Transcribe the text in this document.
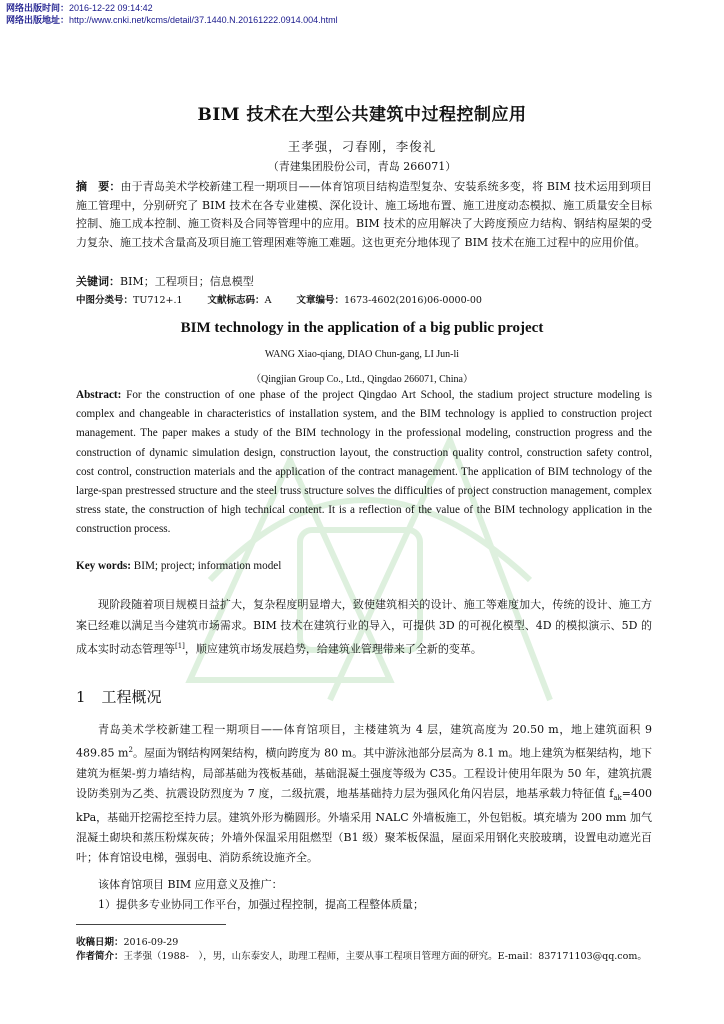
网络出版时间：2016-12-22 09:14:42
网络出版地址：http://www.cnki.net/kcms/detail/37.1440.N.20161222.0914.004.html
BIM 技术在大型公共建筑中过程控制应用
王孝强，刁春刚，李俊礼
（青建集团股份公司，青岛 266071）
摘　要：由于青岛美术学校新建工程一期项目——体育馆项目结构造型复杂、安装系统多变，将 BIM 技术运用到项目施工管理中，分别研究了 BIM 技术在各专业建模、深化设计、施工场地布置、施工进度动态模拟、施工质量安全目标控制、施工成本控制、施工资料及合同等管理中的应用。BIM 技术的应用解决了大跨度预应力结构、钢结构屋架的受力复杂、施工技术含量高及项目施工管理困难等施工难题。这也更充分地体现了 BIM 技术在施工过程中的应用价值。
关键词：BIM；工程项目；信息模型
中图分类号：TU712+.1	文献标志码：A	文章编号：1673-4602(2016)06-0000-00
BIM technology in the application of a big public project
WANG Xiao-qiang, DIAO Chun-gang, LI Jun-li
（Qingjian Group Co., Ltd., Qingdao 266071, China）
Abstract: For the construction of one phase of the project Qingdao Art School, the stadium project structure modeling is complex and changeable in characteristics of installation system, and the BIM technology is applied to construction project management. The paper makes a study of the BIM technology in the professional modeling, construction progress and the construction of dynamic simulation design, construction layout, the construction quality control, construction safety control, cost control, construction materials and the application of the contract management. The application of BIM technology of the large-span prestressed structure and the steel truss structure solves the difficulties of project construction management, complex stress state, the construction of high technical content. It is a reflection of the value of the BIM technology application in the construction process.
Key words: BIM; project; information model
现阶段随着项目规模日益扩大，复杂程度明显增大，致使建筑相关的设计、施工等难度加大，传统的设计、施工方案已经难以满足当今建筑市场需求。BIM 技术在建筑行业的导入，可提供 3D 的可视化模型、4D 的模拟演示、5D 的成本实时动态管理等[1]，顺应建筑市场发展趋势，给建筑业管理带来了全新的变革。
1 工程概况
青岛美术学校新建工程一期项目——体育馆项目，主楼建筑为 4 层，建筑高度为 20.50 m，地上建筑面积 9 489.85 $m^2$。屋面为钢结构网架结构，横向跨度为 80 m。其中游泳池部分层高为 8.1 m。地上建筑为框架结构，地下建筑为框架-剪力墙结构，局部基础为筏板基础，基础混凝土强度等级为 C35。工程设计使用年限为 50 年，建筑抗震设防类别为乙类、抗震设防烈度为 7 度，二级抗震，地基基础持力层为强风化角闪岩层，地基承载力特征值 $f_{ak}=400$ kPa，基础开挖需挖至持力层。建筑外形为椭圆形。外墙采用 NALC 外墙板施工，外包铝板。填充墙为 200 mm 加气混凝土砌块和蒸压粉煤灰砖；外墙外保温采用阻燃型（B1 级）聚苯板保温，屋面采用钢化夹胶玻璃，设置电动遮光百叶；体育馆设电梯，强弱电、消防系统设施齐全。
该体育馆项目 BIM 应用意义及推广：
1）提供多专业协同工作平台，加强过程控制，提高工程整体质量；
收稿日期：2016-09-29
作者简介：王孝强（1988-　），男，山东泰安人，助理工程师，主要从事工程项目管理方面的研究。E-mail：837171103@qq.com。
